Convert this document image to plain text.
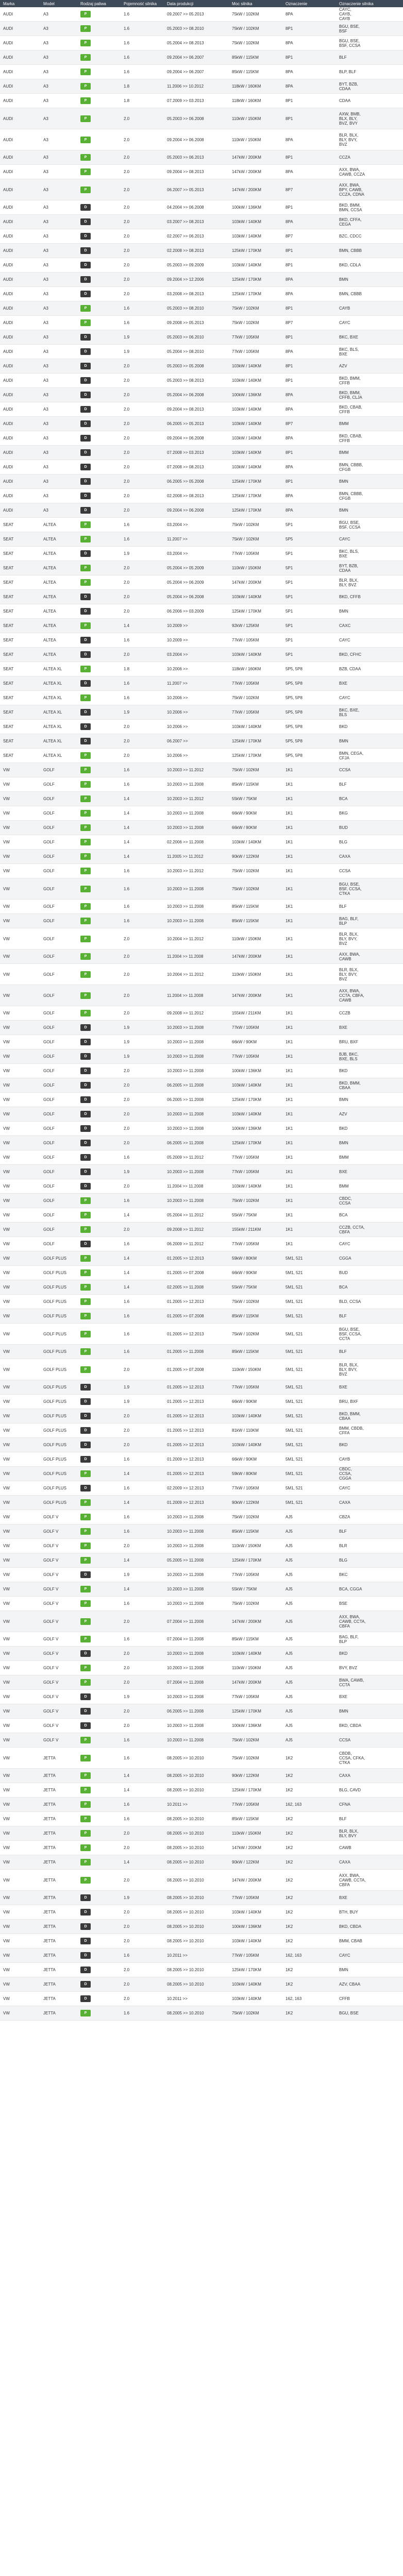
Marka	Model	Rodzaj paliwa	Pojemność silnika	Data produkcji	Moc silnika	Oznaczenie	Oznaczenie silnika
AUDI	A3	P	1.6	09.2007 >> 05.2013	75kW / 102KM	8PA	CAYC,
CAYB,
CAYB
AUDI	A3	P	1.6	05.2003 >> 08.2010	75kW / 102KM	8P1	BGU, BSE,
BSF
AUDI	A3	P	1.6	05.2004 >> 08.2013	75kW / 102KM	8PA	BGU, BSE,
BSF, CCSA
AUDI	A3	P	1.6	09.2004 >> 06.2007	85kW / 115KM	8P1	BLF
AUDI	A3	P	1.6	09.2004 >> 06.2007	85kW / 115KM	8PA	BLP, BLF
AUDI	A3	P	1.8	11.2006 >> 10.2012	118kW / 160KM	8PA	BYT, BZB,
CDAA
AUDI	A3	P	1.8	07.2009 >> 03.2013	118kW / 160KM	8P1	CDAA
AUDI	A3	P	2.0	05.2003 >> 06.2008	110kW / 150KM	8P1	AXW, BMB,
BLX, BLY,
BVZ, BVY
AUDI	A3	P	2.0	09.2004 >> 06.2008	110kW / 150KM	8PA	BLR, BLX,
BLY, BVY,
BVZ
AUDI	A3	P	2.0	05.2003 >> 06.2013	147kW / 200KM	8P1	CCZA
AUDI	A3	P	2.0	09.2004 >> 08.2013	147kW / 200KM	8PA	AXX, BWA,
CAWB, CCZA
AUDI	A3	P	2.0	06.2007 >> 05.2013	147kW / 200KM	8P7	AXX, BWA,
BPY, CAWB,
CCZA, CDNA
AUDI	A3	D	2.0	04.2004 >> 06.2008	100kW / 136KM	8P1	BKD, BMM,
BMN, CCSA
AUDI	A3	D	2.0	03.2007 >> 08.2013	103kW / 140KM	8PA	BKD, CFFA,
CEGA
AUDI	A3	D	2.0	02.2007 >> 06.2013	103kW / 140KM	8P7	BZC, CDCC
AUDI	A3	D	2.0	02.2008 >> 08.2013	125kW / 170KM	8P1	BMN, CBBB
AUDI	A3	D	2.0	05.2003 >> 09.2009	103kW / 140KM	8P1	BKD, CDLA
AUDI	A3	D	2.0	09.2004 >> 12.2006	125kW / 170KM	8PA	BMN
AUDI	A3	D	2.0	03.2008 >> 08.2013	125kW / 170KM	8PA	BMN, CBBB
AUDI	A3	P	1.6	05.2003 >> 08.2010	75kW / 102KM	8P1	CAYB
AUDI	A3	P	1.6	09.2008 >> 05.2013	75kW / 102KM	8P7	CAYC
AUDI	A3	D	1.9	05.2003 >> 06.2010	77kW / 105KM	8P1	BKC, BXE
AUDI	A3	D	1.9	05.2004 >> 08.2010	77kW / 105KM	8PA	BKC, BLS,
BXE
AUDI	A3	D	2.0	05.2003 >> 05.2008	103kW / 140KM	8P1	AZV
AUDI	A3	D	2.0	05.2003 >> 08.2013	103kW / 140KM	8P1	BKD, BMM,
CFFB
AUDI	A3	D	2.0	05.2004 >> 06.2008	100kW / 136KM	8PA	BKD, BMM,
CFFB, CLJA
AUDI	A3	D	2.0	09.2004 >> 08.2013	103kW / 140KM	8PA	BKD, CBAB,
CFFB
AUDI	A3	D	2.0	06.2005 >> 05.2013	103kW / 140KM	8P7	BMM
AUDI	A3	D	2.0	09.2004 >> 06.2008	103kW / 140KM	8PA	BKD, CBAB,
CFFB
AUDI	A3	D	2.0	07.2008 >> 03.2013	103kW / 140KM	8P1	BMM
AUDI	A3	D	2.0	07.2008 >> 08.2013	103kW / 140KM	8PA	BMN, CBBB,
CFGB
AUDI	A3	D	2.0	06.2005 >> 05.2008	125kW / 170KM	8P1	BMN
AUDI	A3	D	2.0	02.2008 >> 08.2013	125kW / 170KM	8PA	BMN, CBBB,
CFGB
AUDI	A3	D	2.0	09.2004 >> 06.2008	125kW / 170KM	8PA	BMN
SEAT	ALTEA	P	1.6	03.2004 >>	75kW / 102KM	5P1	BGU, BSE,
BSF, CCSA
SEAT	ALTEA	P	1.6	11.2007 >>	75kW / 102KM	5P5	CAYC
SEAT	ALTEA	D	1.9	03.2004 >>	77kW / 105KM	5P1	BKC, BLS,
BXE
SEAT	ALTEA	P	2.0	05.2004 >> 05.2009	110kW / 150KM	5P1	BYT, BZB,
CDAA
SEAT	ALTEA	P	2.0	05.2004 >> 06.2009	147kW / 200KM	5P1	BLR, BLX,
BLY, BVZ
SEAT	ALTEA	D	2.0	05.2004 >> 06.2008	103kW / 140KM	5P1	BKD, CFFB
SEAT	ALTEA	D	2.0	06.2006 >> 03.2009	125kW / 170KM	5P1	BMN
SEAT	ALTEA	P	1.4	10.2009 >>	92kW / 125KM	5P1	CAXC
SEAT	ALTEA	D	1.6	10.2009 >>	77kW / 105KM	5P1	CAYC
SEAT	ALTEA	D	2.0	03.2004 >>	103kW / 140KM	5P1	BKD, CFHC
SEAT	ALTEA XL	P	1.8	10.2006 >>	118kW / 160KM	5P5, 5P8	BZB, CDAA
SEAT	ALTEA XL	D	1.6	11.2007 >>	77kW / 105KM	5P5, 5P8	BXE
SEAT	ALTEA XL	P	1.6	10.2006 >>	75kW / 102KM	5P5, 5P8	CAYC
SEAT	ALTEA XL	D	1.9	10.2006 >>	77kW / 105KM	5P5, 5P8	BKC, BXE,
BLS
SEAT	ALTEA XL	D	2.0	10.2006 >>	103kW / 140KM	5P5, 5P8	BKD
SEAT	ALTEA XL	D	2.0	06.2007 >>	125kW / 170KM	5P5, 5P8	BMN
SEAT	ALTEA XL	P	2.0	10.2006 >>	125kW / 170KM	5P5, 5P8	BMN, CEGA,
CFJA
VW	GOLF	P	1.6	10.2003 >> 11.2012	75kW / 102KM	1K1	CCSA
VW	GOLF	P	1.6	10.2003 >> 11.2008	85kW / 115KM	1K1	BLF
VW	GOLF	P	1.4	10.2003 >> 11.2012	55kW / 75KM	1K1	BCA
VW	GOLF	P	1.4	10.2003 >> 11.2008	66kW / 90KM	1K1	BKG
VW	GOLF	P	1.4	10.2003 >> 11.2008	66kW / 90KM	1K1	BUD
VW	GOLF	P	1.4	02.2006 >> 11.2008	103kW / 140KM	1K1	BLG
VW	GOLF	P	1.4	11.2005 >> 11.2012	90kW / 122KM	1K1	CAXA
VW	GOLF	P	1.6	10.2003 >> 11.2012	75kW / 102KM	1K1	CCSA
VW	GOLF	P	1.6	10.2003 >> 11.2008	75kW / 102KM	1K1	BGU, BSE,
BSF, CCSA,
CTKA
VW	GOLF	P	1.6	10.2003 >> 11.2008	85kW / 115KM	1K1	BLF
VW	GOLF	P	1.6	10.2003 >> 11.2008	85kW / 115KM	1K1	BAG, BLF,
BLP
VW	GOLF	P	2.0	10.2004 >> 11.2012	110kW / 150KM	1K1	BLR, BLX,
BLY, BVY,
BVZ
VW	GOLF	P	2.0	11.2004 >> 11.2008	147kW / 200KM	1K1	AXX, BWA,
CAWB
VW	GOLF	P	2.0	10.2004 >> 11.2012	110kW / 150KM	1K1	BLR, BLX,
BLY, BVY,
BVZ
VW	GOLF	P	2.0	11.2004 >> 11.2008	147kW / 200KM	1K1	AXX, BWA,
CCTA, CBFA,
CAWB
VW	GOLF	P	2.0	09.2008 >> 11.2012	155kW / 211KM	1K1	CCZB
VW	GOLF	D	1.9	10.2003 >> 11.2008	77kW / 105KM	1K1	BXE
VW	GOLF	D	1.9	10.2003 >> 11.2008	66kW / 90KM	1K1	BRU, BXF
VW	GOLF	D	1.9	10.2003 >> 11.2008	77kW / 105KM	1K1	BJB, BKC,
BXE, BLS
VW	GOLF	D	2.0	10.2003 >> 11.2008	100kW / 136KM	1K1	BKD
VW	GOLF	D	2.0	06.2005 >> 11.2008	103kW / 140KM	1K1	BKD, BMM,
CBAA
VW	GOLF	D	2.0	06.2005 >> 11.2008	125kW / 170KM	1K1	BMN
VW	GOLF	D	2.0	10.2003 >> 11.2008	103kW / 140KM	1K1	AZV
VW	GOLF	D	2.0	10.2003 >> 11.2008	100kW / 136KM	1K1	BKD
VW	GOLF	D	2.0	06.2005 >> 11.2008	125kW / 170KM	1K1	BMN
VW	GOLF	D	1.6	05.2009 >> 11.2012	77kW / 105KM	1K1	BMM
VW	GOLF	D	1.9	10.2003 >> 11.2008	77kW / 105KM	1K1	BXE
VW	GOLF	D	2.0	11.2004 >> 11.2008	103kW / 140KM	1K1	BMM
VW	GOLF	P	1.6	10.2003 >> 11.2008	75kW / 102KM	1K1	CBDC,
CCSA
VW	GOLF	P	1.4	05.2004 >> 11.2012	55kW / 75KM	1K1	BCA
VW	GOLF	P	2.0	09.2008 >> 11.2012	155kW / 211KM	1K1	CCZB, CCTA,
CBFA
VW	GOLF	D	1.6	06.2009 >> 11.2012	77kW / 105KM	1K1	CAYC
VW	GOLF PLUS	P	1.4	01.2005 >> 12.2013	59kW / 80KM	5M1, 521	CGGA
VW	GOLF PLUS	P	1.4	01.2005 >> 07.2008	66kW / 90KM	5M1, 521	BUD
VW	GOLF PLUS	P	1.4	02.2005 >> 11.2008	55kW / 75KM	5M1, 521	BCA
VW	GOLF PLUS	P	1.6	01.2005 >> 12.2013	75kW / 102KM	5M1, 521	BLD, CCSA
VW	GOLF PLUS	P	1.6	01.2005 >> 07.2008	85kW / 115KM	5M1, 521	BLF
VW	GOLF PLUS	P	1.6	01.2005 >> 12.2013	75kW / 102KM	5M1, 521	BGU, BSE,
BSF, CCSA,
CCTA
VW	GOLF PLUS	P	1.6	01.2005 >> 11.2008	85kW / 115KM	5M1, 521	BLF
VW	GOLF PLUS	P	2.0	01.2005 >> 07.2008	110kW / 150KM	5M1, 521	BLR, BLX,
BLY, BVY,
BVZ
VW	GOLF PLUS	D	1.9	01.2005 >> 12.2013	77kW / 105KM	5M1, 521	BXE
VW	GOLF PLUS	D	1.9	01.2005 >> 12.2013	66kW / 90KM	5M1, 521	BRU, BXF
VW	GOLF PLUS	D	2.0	01.2005 >> 12.2013	103kW / 140KM	5M1, 521	BKD, BMM,
CBAA
VW	GOLF PLUS	D	2.0	01.2005 >> 12.2013	81kW / 110KM	5M1, 521	BMM, CBDB,
CFFA
VW	GOLF PLUS	D	2.0	01.2005 >> 12.2013	103kW / 140KM	5M1, 521	BKD
VW	GOLF PLUS	D	1.6	01.2009 >> 12.2013	66kW / 90KM	5M1, 521	CAYB
VW	GOLF PLUS	P	1.4	01.2005 >> 12.2013	59kW / 80KM	5M1, 521	CBDC,
CCSA,
CGGA
VW	GOLF PLUS	D	1.6	02.2009 >> 12.2013	77kW / 105KM	5M1, 521	CAYC
VW	GOLF PLUS	P	1.4	01.2009 >> 12.2013	90kW / 122KM	5M1, 521	CAXA
VW	GOLF V	P	1.6	10.2003 >> 11.2008	75kW / 102KM	AJ5	CBZA
VW	GOLF V	P	1.6	10.2003 >> 11.2008	85kW / 115KM	AJ5	BLF
VW	GOLF V	P	2.0	10.2003 >> 11.2008	110kW / 150KM	AJ5	BLR
VW	GOLF V	P	1.4	05.2005 >> 11.2008	125kW / 170KM	AJ5	BLG
VW	GOLF V	D	1.9	10.2003 >> 11.2008	77kW / 105KM	AJ5	BKC
VW	GOLF V	P	1.4	10.2003 >> 11.2008	55kW / 75KM	AJ5	BCA, CGGA
VW	GOLF V	P	1.6	10.2003 >> 11.2008	75kW / 102KM	AJ5	BSE
VW	GOLF V	P	2.0	07.2004 >> 11.2008	147kW / 200KM	AJ5	AXX, BWA,
CAWB, CCTA,
CBFA
VW	GOLF V	P	1.6	07.2004 >> 11.2008	85kW / 115KM	AJ5	BAG, BLF,
BLP
VW	GOLF V	D	2.0	10.2003 >> 11.2008	103kW / 140KM	AJ5	BKD
VW	GOLF V	P	2.0	10.2003 >> 11.2008	110kW / 150KM	AJ5	BVY, BVZ
VW	GOLF V	P	2.0	07.2004 >> 11.2008	147kW / 200KM	AJ5	BWA, CAWB,
CCTA
VW	GOLF V	D	1.9	10.2003 >> 11.2008	77kW / 105KM	AJ5	BXE
VW	GOLF V	D	2.0	06.2005 >> 11.2008	125kW / 170KM	AJ5	BMN
VW	GOLF V	D	2.0	10.2003 >> 11.2008	100kW / 136KM	AJ5	BKD, CBDA
VW	GOLF V	P	1.6	10.2003 >> 11.2008	75kW / 102KM	AJ5	CCSA
VW	JETTA	P	1.6	08.2005 >> 10.2010	75kW / 102KM	1K2	CBDB,
CCSA, CFKA,
CTKA
VW	JETTA	P	1.4	08.2005 >> 10.2010	90kW / 122KM	1K2	CAXA
VW	JETTA	P	1.4	08.2005 >> 10.2010	125kW / 170KM	1K2	BLG, CAVD
VW	JETTA	P	1.6	10.2011 >>	77kW / 105KM	162, 163	CFNA
VW	JETTA	P	1.6	08.2005 >> 10.2010	85kW / 115KM	1K2	BLF
VW	JETTA	P	2.0	08.2005 >> 10.2010	110kW / 150KM	1K2	BLR, BLX,
BLY, BVY
VW	JETTA	P	2.0	08.2005 >> 10.2010	147kW / 200KM	1K2	CAWB
VW	JETTA	P	1.4	08.2005 >> 10.2010	90kW / 122KM	1K2	CAXA
VW	JETTA	P	2.0	08.2005 >> 10.2010	147kW / 200KM	1K2	AXX, BWA,
CAWB, CCTA,
CBFA
VW	JETTA	D	1.9	08.2005 >> 10.2010	77kW / 105KM	1K2	BXE
VW	JETTA	D	2.0	08.2005 >> 10.2010	103kW / 140KM	1K2	BTH, BUY
VW	JETTA	D	2.0	08.2005 >> 10.2010	100kW / 136KM	1K2	BKD, CBDA
VW	JETTA	D	2.0	08.2005 >> 10.2010	103kW / 140KM	1K2	BMM, CBAB
VW	JETTA	D	1.6	10.2011 >>	77kW / 105KM	162, 163	CAYC
VW	JETTA	D	2.0	08.2005 >> 10.2010	125kW / 170KM	1K2	BMN
VW	JETTA	D	2.0	08.2005 >> 10.2010	103kW / 140KM	1K2	AZV, CBAA
VW	JETTA	D	2.0	10.2011 >>	103kW / 140KM	162, 163	CFFB
VW	JETTA	P	1.6	08.2005 >> 10.2010	75kW / 102KM	1K2	BGU, BSE
